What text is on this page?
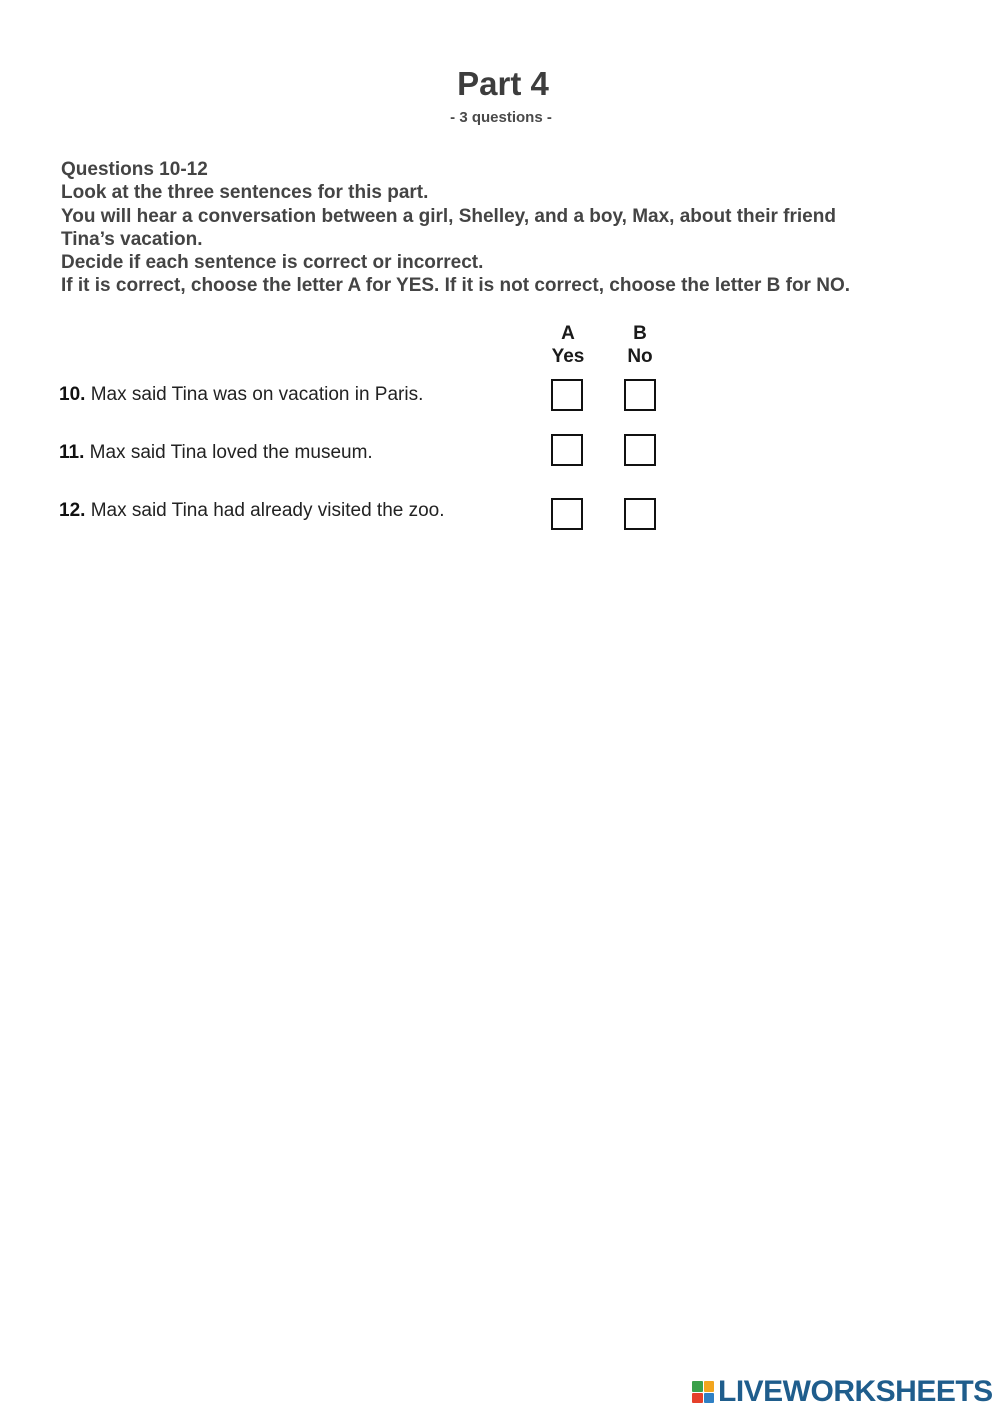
Part 4
- 3 questions -
Questions 10-12
Look at the three sentences for this part.
You will hear a conversation between a girl, Shelley, and a boy, Max, about their friend
Tina’s vacation.
Decide if each sentence is correct or incorrect.
If it is correct, choose the letter A for YES. If it is not correct, choose the letter B for NO.
A
Yes
B
No
10. Max said Tina was on vacation in Paris.
11. Max said Tina loved the museum.
12. Max said Tina had already visited the zoo.
LIVEWORKSHEETS
